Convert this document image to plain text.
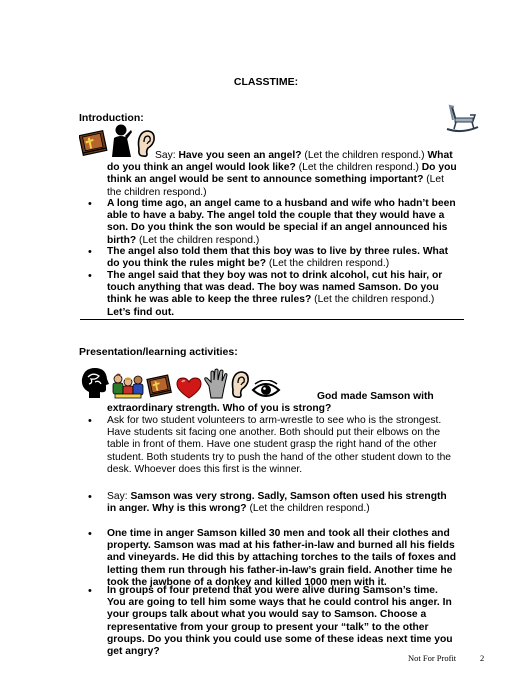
CLASSTIME:
Introduction:
Say: Have you seen an angel? (Let the children respond.) What do you think an angel would look like? (Let the children respond.) Do you think an angel would be sent to announce something important? (Let the children respond.)
• A long time ago, an angel came to a husband and wife who hadn’t been able to have a baby. The angel told the couple that they would have a son. Do you think the son would be special if an angel announced his birth? (Let the children respond.)
• The angel also told them that this boy was to live by three rules. What do you think the rules might be? (Let the children respond.)
• The angel said that they boy was not to drink alcohol, cut his hair, or touch anything that was dead. The boy was named Samson. Do you think he was able to keep the three rules? (Let the children respond.) Let’s find out.
Presentation/learning activities:
God made Samson with extraordinary strength. Who of you is strong?
• Ask for two student volunteers to arm-wrestle to see who is the strongest. Have students sit facing one another. Both should put their elbows on the table in front of them. Have one student grasp the right hand of the other student. Both students try to push the hand of the other student down to the desk. Whoever does this first is the winner.
• Say: Samson was very strong. Sadly, Samson often used his strength in anger. Why is this wrong? (Let the children respond.)
• One time in anger Samson killed 30 men and took all their clothes and property. Samson was mad at his father-in-law and burned all his fields and vineyards. He did this by attaching torches to the tails of foxes and letting them run through his father-in-law’s grain field. Another time he took the jawbone of a donkey and killed 1000 men with it.
• In groups of four pretend that you were alive during Samson’s time. You are going to tell him some ways that he could control his anger. In your groups talk about what you would say to Samson. Choose a representative from your group to present your “talk” to the other groups. Do you think you could use some of these ideas next time you get angry?
Not For Profit	2
